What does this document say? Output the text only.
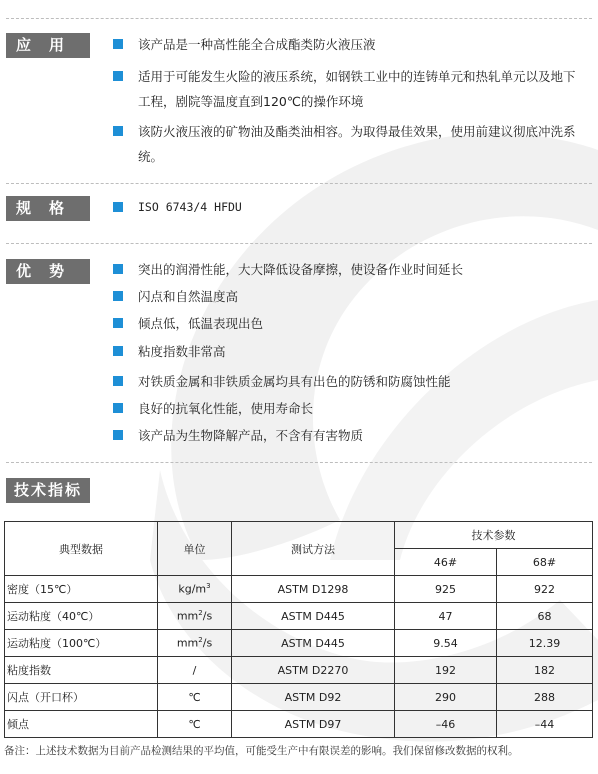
应用	该产品是一种高性能全合成酯类防火液压液
适用于可能发生火险的液压系统，如钢铁工业中的连铸单元和热轧单元以及地下工程，剧院等温度直到120℃的操作环境
该防火液压液的矿物油及酯类油相容。为取得最佳效果，使用前建议彻底冲洗系统。
规格	ISO 6743/4 HFDU
优势	突出的润滑性能，大大降低设备摩擦，使设备作业时间延长
闪点和自然温度高
倾点低，低温表现出色
粘度指数非常高
对铁质金属和非铁质金属均具有出色的防锈和防腐蚀性能
良好的抗氧化性能，使用寿命长
该产品为生物降解产品，不含有有害物质
技术指标
典型数据	单位	测试方法	技术参数	
			46#	68#
密度（15℃）	$kg/m^3$	ASTM D1298	925	922
运动粘度（40℃）	$mm^2/s$	ASTM D445	47	68
运动粘度（100℃）	$mm^2/s$	ASTM D445	9.54	12.39
粘度指数	/	ASTM D2270	192	182
闪点（开口杯）	℃	ASTM D92	290	288
倾点	℃	ASTM D97	–46	–44
备注：上述技术数据为目前产品检测结果的平均值，可能受生产中有限误差的影响。我们保留修改数据的权利。
